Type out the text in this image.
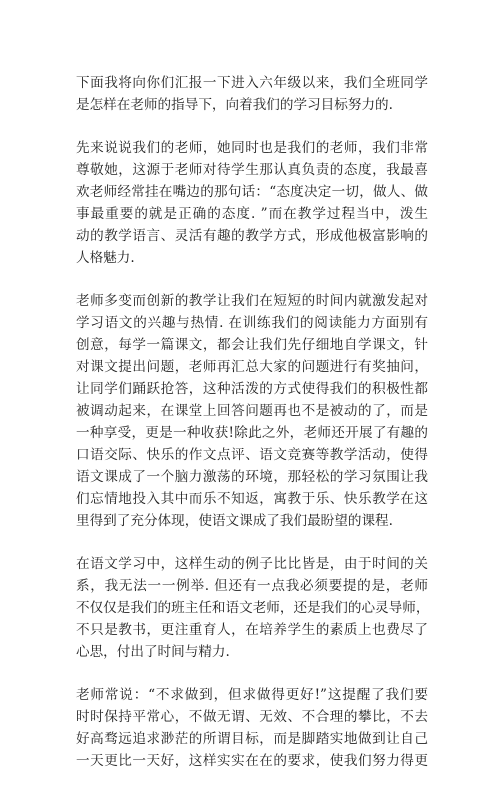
下面我将向你们汇报一下进入六年级以来，我们全班同学
是怎样在老师的指导下，向着我们的学习目标努力的.
先来说说我们的老师，她同时也是我们的老师，我们非常
尊敬她，这源于老师对待学生那认真负责的态度，我最喜
欢老师经常挂在嘴边的那句话：“态度决定一切，做人、做
事最重要的就是正确的态度. ”而在教学过程当中，泼生
动的教学语言、灵活有趣的教学方式，形成他极富影响的
人格魅力.
老师多变而创新的教学让我们在短短的时间内就激发起对
学习语文的兴趣与热情. 在训练我们的阅读能力方面别有
创意，每学一篇课文，都会让我们先仔细地自学课文，针
对课文提出问题，老师再汇总大家的问题进行有奖抽问，
让同学们踊跃抢答，这种活泼的方式使得我们的积极性都
被调动起来，在课堂上回答问题再也不是被动的了，而是
一种享受，更是一种收获!除此之外，老师还开展了有趣的
口语交际、快乐的作文点评、语文竞赛等教学活动，使得
语文课成了一个脑力激荡的环境，那轻松的学习氛围让我
们忘情地投入其中而乐不知返，寓教于乐、快乐教学在这
里得到了充分体现，使语文课成了我们最盼望的课程.
在语文学习中，这样生动的例子比比皆是，由于时间的关
系，我无法一一例举. 但还有一点我必须要提的是，老师
不仅仅是我们的班主任和语文老师，还是我们的心灵导师，
不只是教书，更注重育人，在培养学生的素质上也费尽了
心思，付出了时间与精力.
老师常说：“不求做到，但求做得更好!”这提醒了我们要
时时保持平常心，不做无谓、无效、不合理的攀比，不去
好高骛远追求渺茫的所谓目标，而是脚踏实地做到让自己
一天更比一天好，这样实实在在的要求，使我们努力得更
